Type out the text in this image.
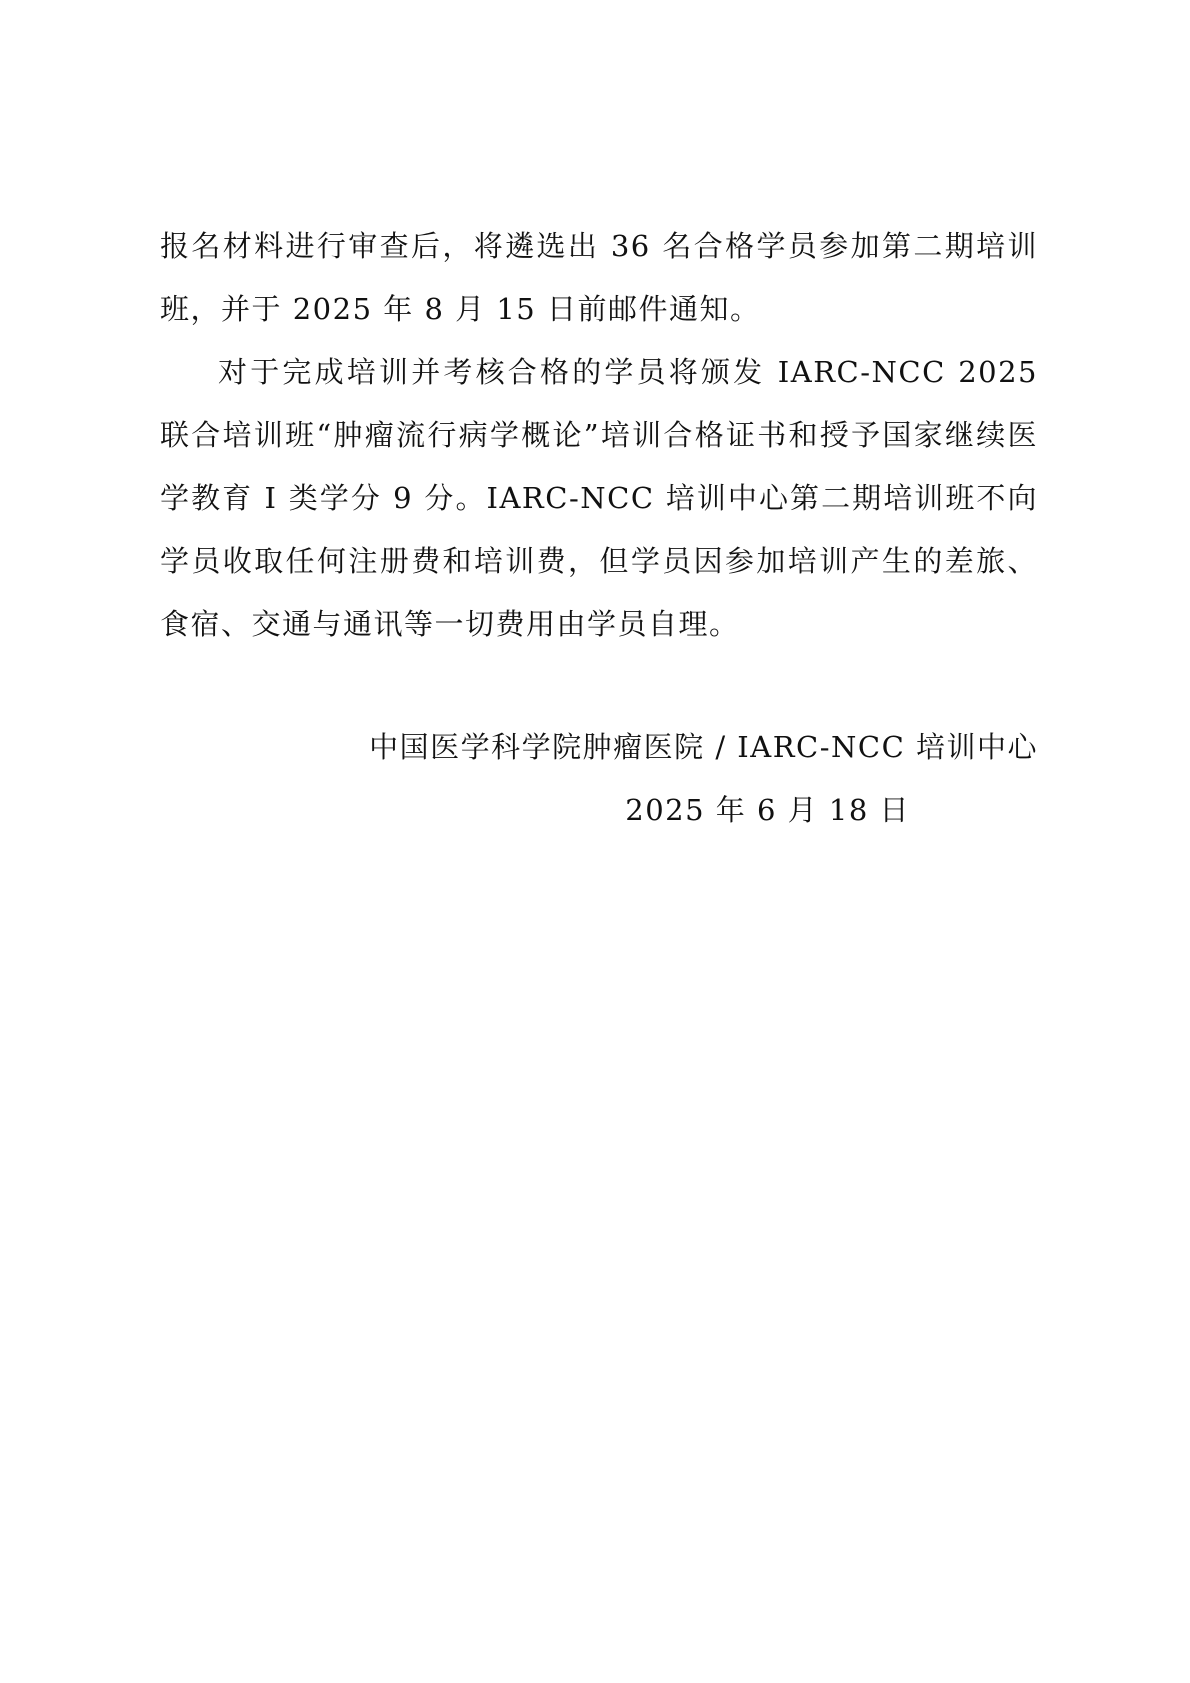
报名材料进行审查后，将遴选出 36 名合格学员参加第二期培训班，并于 2025 年 8 月 15 日前邮件通知。

对于完成培训并考核合格的学员将颁发 IARC-NCC 2025 联合培训班“肿瘤流行病学概论”培训合格证书和授予国家继续医学教育 I 类学分 9 分。IARC-NCC 培训中心第二期培训班不向学员收取任何注册费和培训费，但学员因参加培训产生的差旅、食宿、交通与通讯等一切费用由学员自理。

中国医学科学院肿瘤医院 / IARC-NCC 培训中心
2025 年 6 月 18 日
